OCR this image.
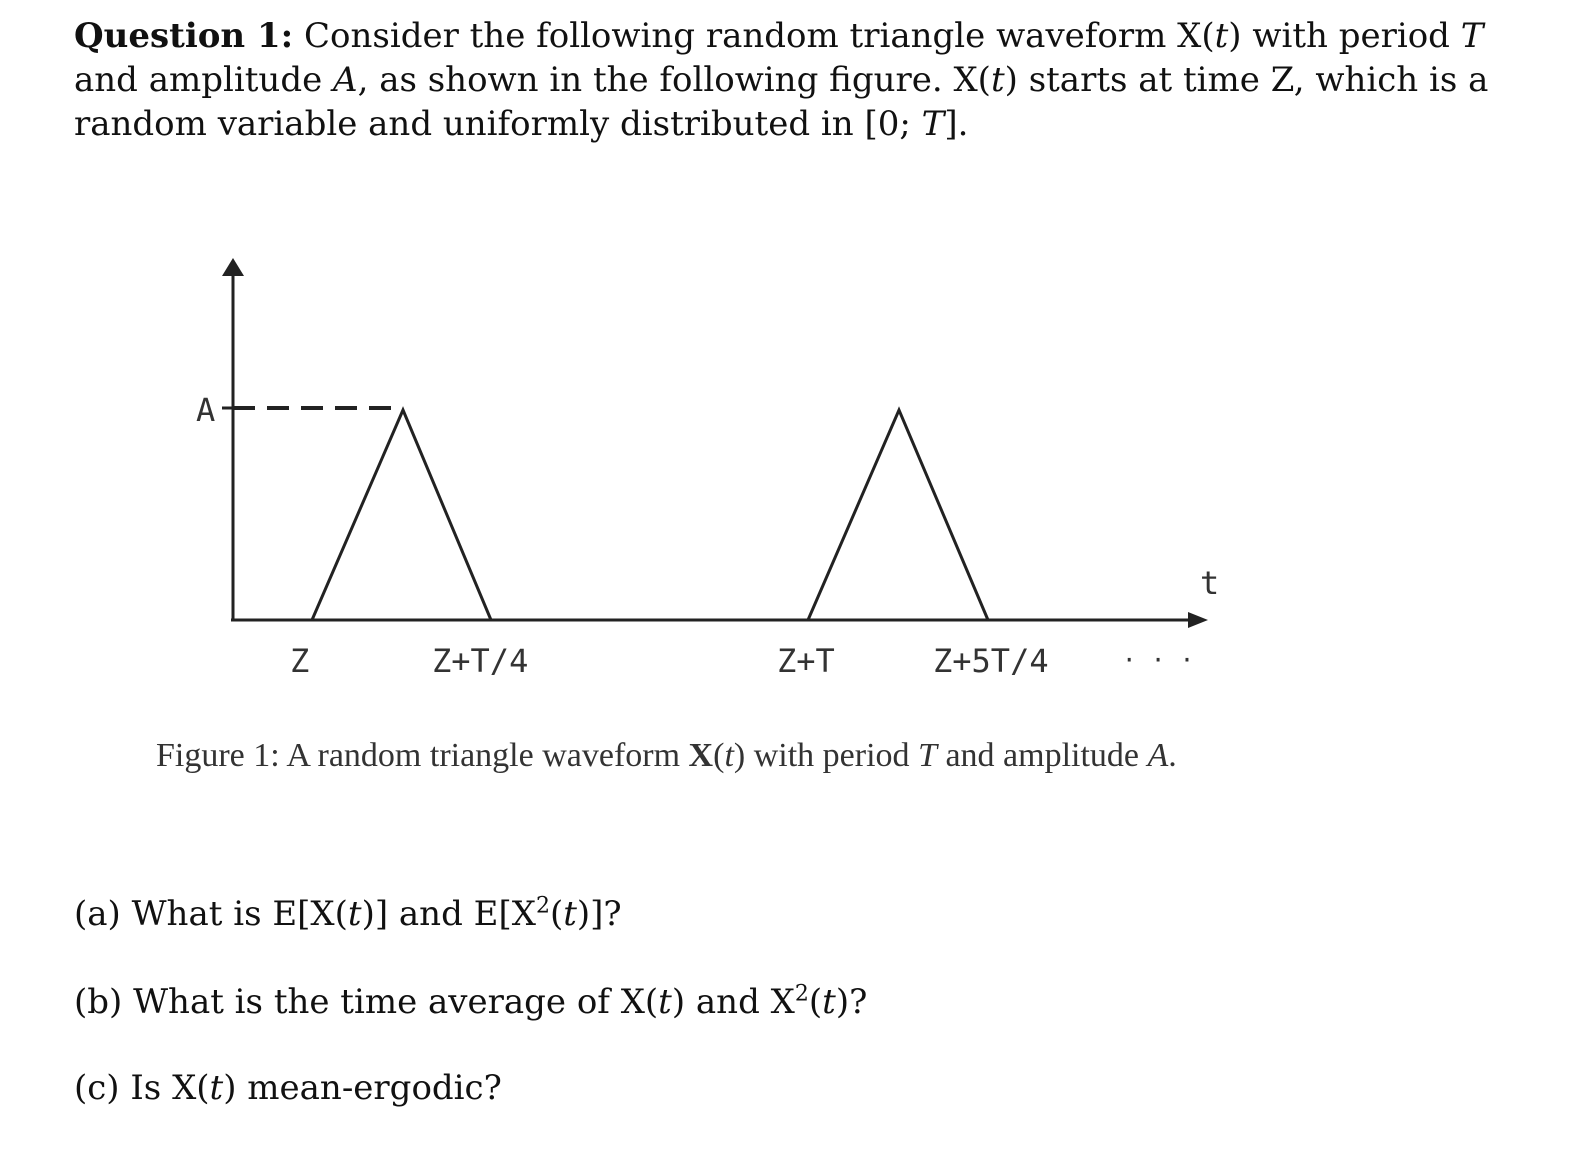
Question 1: Consider the following random triangle waveform X(t) with period T
and amplitude A, as shown in the following figure. X(t) starts at time Z, which is a
random variable and uniformly distributed in [0; T].
A
t
Z	Z+T/4	Z+T	Z+5T/4	· · ·
Figure 1: A random triangle waveform X(t) with period T and amplitude A.
(a) What is E[X(t)] and $E[X^2(t)]$?
(b) What is the time average of X(t) and $X^2(t)$?
(c) Is X(t) mean-ergodic?
